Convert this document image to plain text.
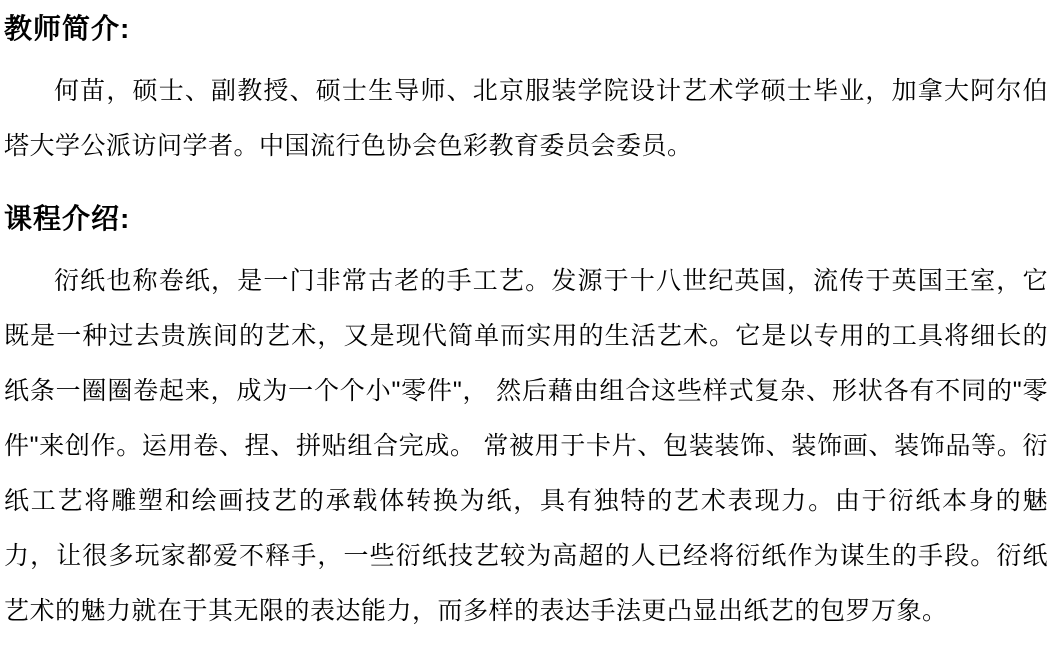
教师简介:

何苗，硕士、副教授、硕士生导师、北京服装学院设计艺术学硕士毕业，加拿大阿尔伯塔大学公派访问学者。中国流行色协会色彩教育委员会委员。

课程介绍:

衍纸也称卷纸，是一门非常古老的手工艺。发源于十八世纪英国，流传于英国王室，它既是一种过去贵族间的艺术，又是现代简单而实用的生活艺术。它是以专用的工具将细长的纸条一圈圈卷起来，成为一个个小"零件"， 然后藉由组合这些样式复杂、形状各有不同的"零件"来创作。运用卷、捏、拼贴组合完成。 常被用于卡片、包装装饰、装饰画、装饰品等。衍纸工艺将雕塑和绘画技艺的承载体转换为纸，具有独特的艺术表现力。由于衍纸本身的魅力，让很多玩家都爱不释手，一些衍纸技艺较为高超的人已经将衍纸作为谋生的手段。衍纸艺术的魅力就在于其无限的表达能力，而多样的表达手法更凸显出纸艺的包罗万象。
